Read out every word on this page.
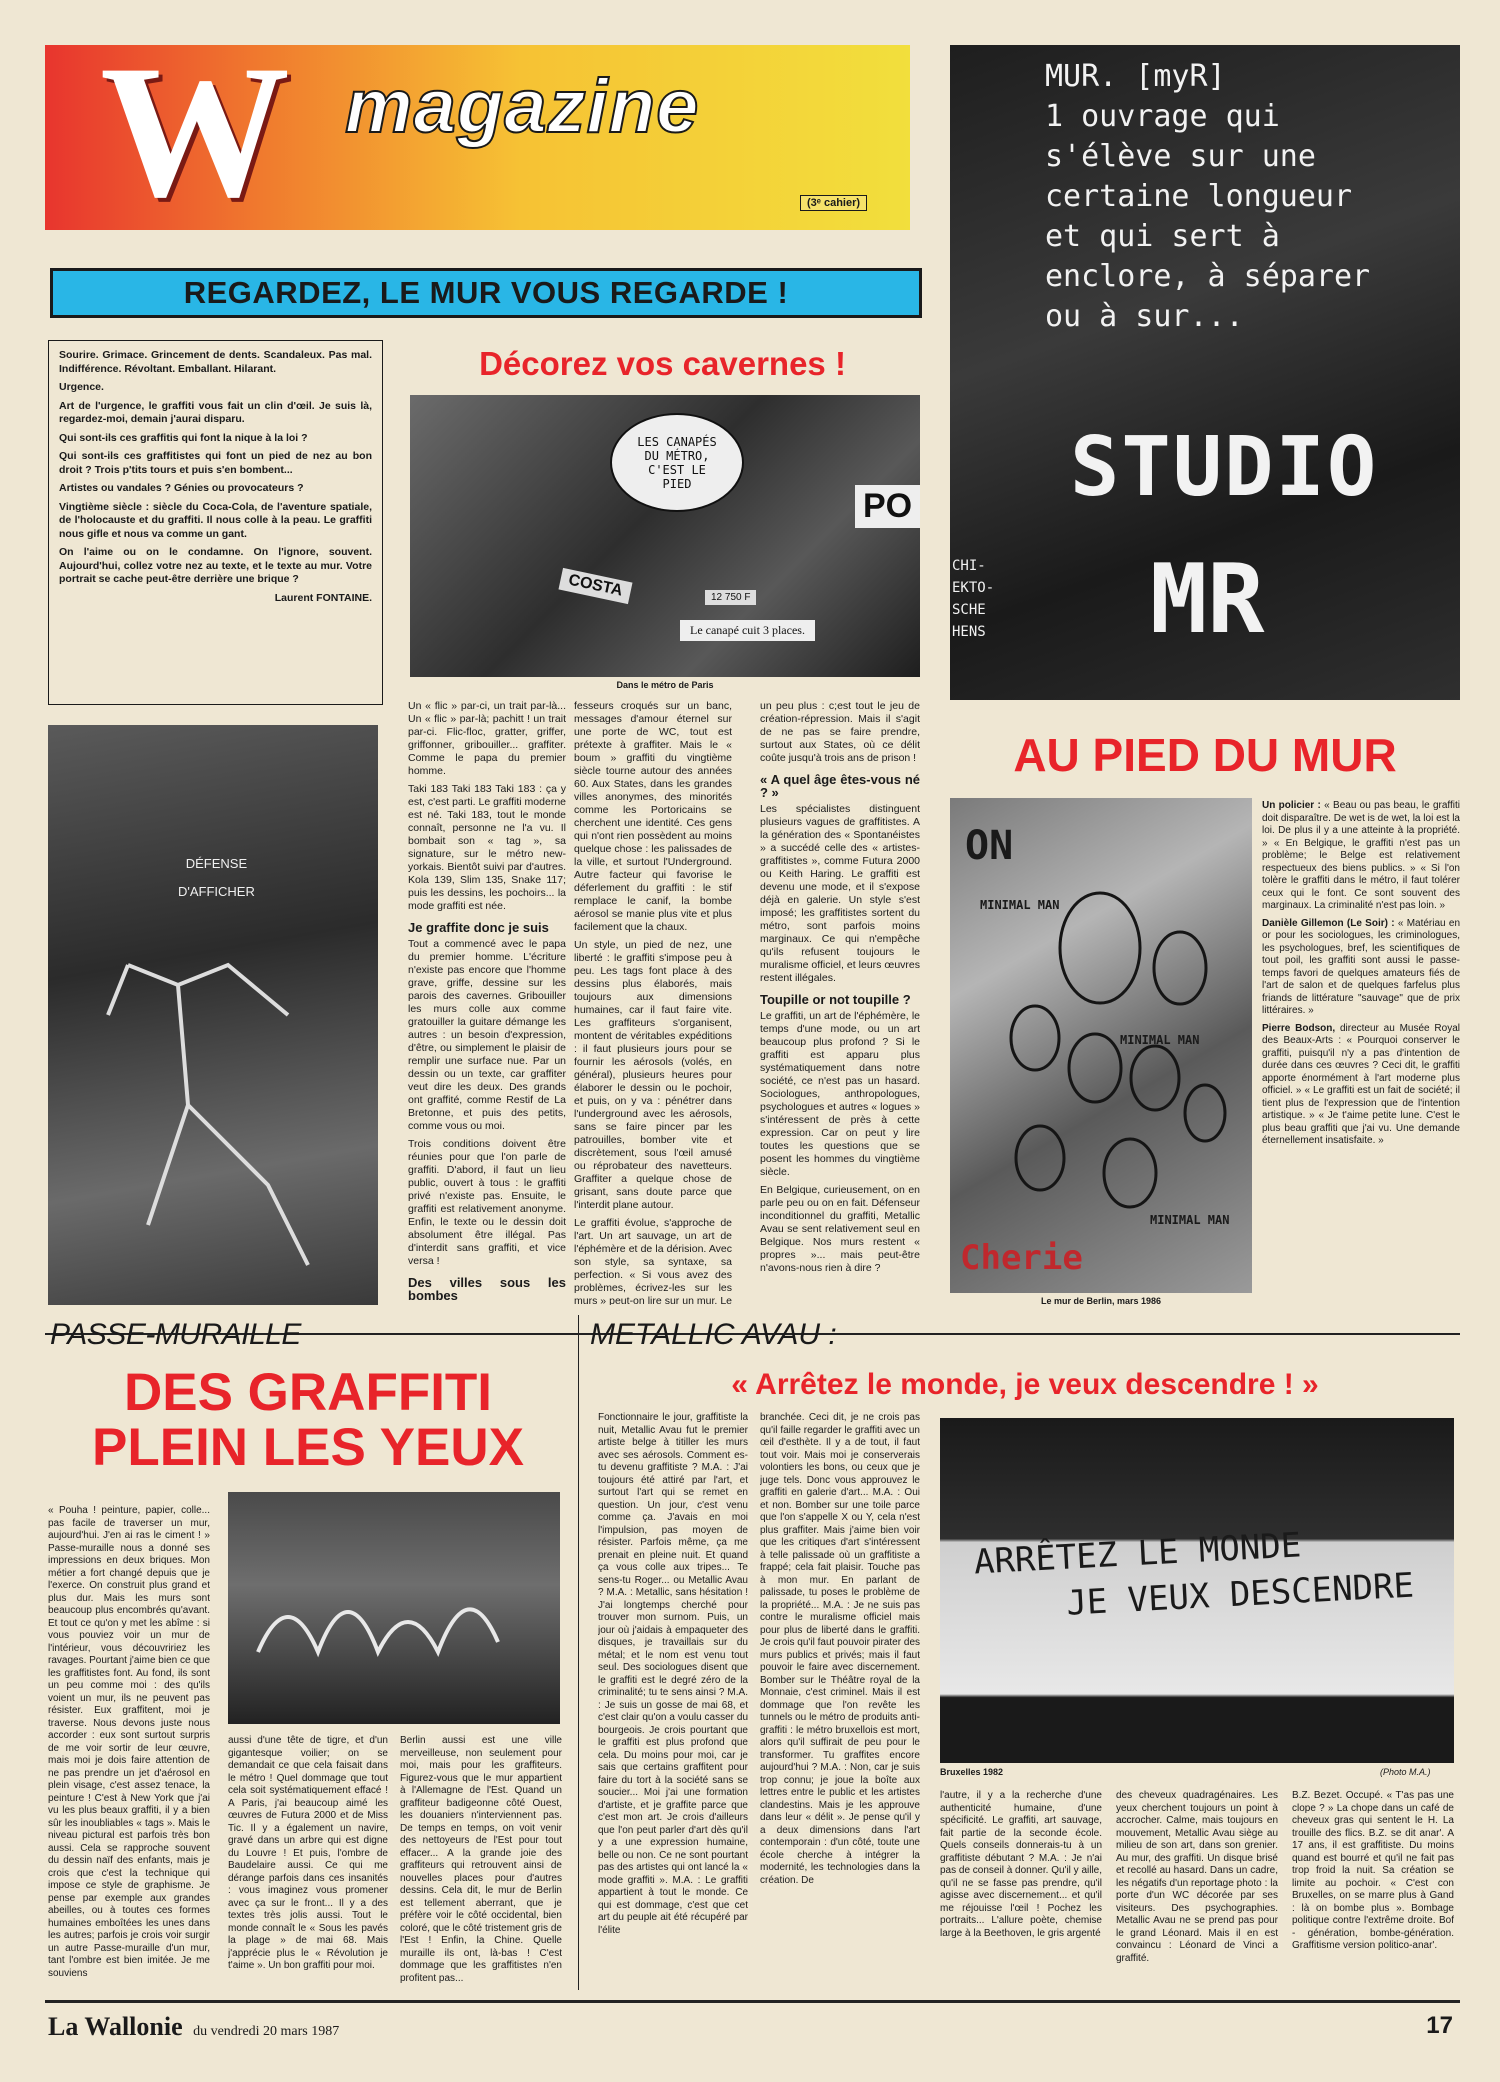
W magazine
(3ᵉ cahier)
REGARDEZ, LE MUR VOUS REGARDE !

Sourire. Grimace. Grincement de dents. Scandaleux. Pas mal. Indifférence. Révoltant. Emballant. Hilarant.

Urgence.

Art de l'urgence, le graffiti vous fait un clin d'œil. Je suis là, regardez-moi, demain j'aurai disparu.

Qui sont-ils ces graffitis qui font la nique à la loi ?

Qui sont-ils ces graffitistes qui font un pied de nez au bon droit ? Trois p'tits tours et puis s'en bombent...

Artistes ou vandales ? Génies ou provocateurs ?

Vingtième siècle : siècle du Coca-Cola, de l'aventure spatiale, de l'holocauste et du graffiti. Il nous colle à la peau. Le graffiti nous gifle et nous va comme un gant.

On l'aime ou on le condamne. On l'ignore, souvent. Aujourd'hui, collez votre nez au texte, et le texte au mur. Votre portrait se cache peut-être derrière une brique ?

Laurent FONTAINE.
Décorez vos cavernes !
LES CANAPÉS
DU MÉTRO,
C'EST LE
PIED
PO
COSTA	12 750 F
Le canapé cuit 3 places.
Dans le métro de Paris
MUR. [myR]
1 ouvrage qui
s'élève sur une
certaine longueur
et qui sert à
enclore, à séparer
ou à sur...
STUDIO
MR
CHI-
EKTO-
SCHE
HENS
DÉFENSE
D'AFFICHER

Un « flic » par-ci, un trait par-là... Un « flic » par-là; pachitt ! un trait par-ci. Flic-floc, gratter, griffer, griffonner, gribouiller... graffiter. Comme le papa du premier homme.

Taki 183 Taki 183 Taki 183 : ça y est, c'est parti. Le graffiti moderne est né. Taki 183, tout le monde connaît, personne ne l'a vu. Il bombait son « tag », sa signature, sur le métro new-yorkais. Bientôt suivi par d'autres. Kola 139, Slim 135, Snake 117; puis les dessins, les pochoirs... la mode graffiti est née.

Je graffite donc je suis

Tout a commencé avec le papa du premier homme. L'écriture n'existe pas encore que l'homme grave, griffe, dessine sur les parois des cavernes. Gribouiller les murs colle aux comme gratouiller la guitare démange les autres : un besoin d'expression, d'être, ou simplement le plaisir de remplir une surface nue. Par un dessin ou un texte, car graffiter veut dire les deux. Des grands ont graffité, comme Restif de La Bretonne, et puis des petits, comme vous ou moi.

Trois conditions doivent être réunies pour que l'on parle de graffiti. D'abord, il faut un lieu public, ouvert à tous : le graffiti privé n'existe pas. Ensuite, le graffiti est relativement anonyme. Enfin, le texte ou le dessin doit absolument être illégal. Pas d'interdit sans graffiti, et vice versa !

Des villes sous les bombes

fesseurs croqués sur un banc, messages d'amour éternel sur une porte de WC, tout est prétexte à graffiter. Mais le « boum » graffiti du vingtième siècle tourne autour des années 60. Aux States, dans les grandes villes anonymes, des minorités comme les Portoricains se cherchent une identité. Ces gens qui n'ont rien possèdent au moins quelque chose : les palissades de la ville, et surtout l'Underground. Autre facteur qui favorise le déferlement du graffiti : le stif remplace le canif, la bombe aérosol se manie plus vite et plus facilement que la chaux.

Un style, un pied de nez, une liberté : le graffiti s'impose peu à peu. Les tags font place à des dessins plus élaborés, mais toujours aux dimensions humaines, car il faut faire vite. Les graffiteurs s'organisent, montent de véritables expéditions : il faut plusieurs jours pour se fournir les aérosols (volés, en général), plusieurs heures pour élaborer le dessin ou le pochoir, et puis, on y va : pénétrer dans l'underground avec les aérosols, sans se faire pincer par les patrouilles, bomber vite et discrètement, sous l'œil amusé ou réprobateur des navetteurs. Graffiter a quelque chose de grisant, sans doute parce que l'interdit plane autour.

Le graffiti évolue, s'approche de l'art. Un art sauvage, un art de l'éphémère et de la dérision. Avec son style, sa syntaxe, sa perfection. « Si vous avez des problèmes, écrivez-les sur les murs » peut-on lire sur un mur. Le

un peu plus : c;est tout le jeu de création-répression. Mais il s'agit de ne pas se faire prendre, surtout aux States, où ce délit coûte jusqu'à trois ans de prison !

« A quel âge êtes-vous né ? »

Les spécialistes distinguent plusieurs vagues de graffitistes. A la génération des « Spontanéistes » a succédé celle des « artistes-graffitistes », comme Futura 2000 ou Keith Haring. Le graffiti est devenu une mode, et il s'expose déjà en galerie. Un style s'est imposé; les graffitistes sortent du métro, sont parfois moins marginaux. Ce qui n'empêche qu'ils refusent toujours le muralisme officiel, et leurs œuvres restent illégales.

Toupille or not toupille ?

Le graffiti, un art de l'éphémère, le temps d'une mode, ou un art beaucoup plus profond ? Si le graffiti est apparu plus systématiquement dans notre société, ce n'est pas un hasard. Sociologues, anthropologues, psychologues et autres « logues » s'intéressent de près à cette expression. Car on peut y lire toutes les questions que se posent les hommes du vingtième siècle.

En Belgique, curieusement, on en parle peu ou on en fait. Défenseur inconditionnel du graffiti, Metallic Avau se sent relativement seul en Belgique. Nos murs restent « propres »... mais peut-être n'avons-nous rien à dire ?

AU PIED DU MUR
ON
MINIMAL MAN
MINIMAL MAN
MINIMAL MAN
Cherie
Le mur de Berlin, mars 1986

Un policier : « Beau ou pas beau, le graffiti doit disparaître. De wet is de wet, la loi est la loi. De plus il y a une atteinte à la propriété. » « En Belgique, le graffiti n'est pas un problème; le Belge est relativement respectueux des biens publics. » « Si l'on tolère le graffiti dans le métro, il faut tolérer ceux qui le font. Ce sont souvent des marginaux. La criminalité n'est pas loin. »

Danièle Gillemon (Le Soir) : « Matériau en or pour les sociologues, les criminologues, les psychologues, bref, les scientifiques de tout poil, les graffiti sont aussi le passe-temps favori de quelques amateurs fiés de l'art de salon et de quelques farfelus plus friands de littérature "sauvage" que de prix littéraires. »

Pierre Bodson, directeur au Musée Royal des Beaux-Arts : « Pourquoi conserver le graffiti, puisqu'il n'y a pas d'intention de durée dans ces œuvres ? Ceci dit, le graffiti apporte énormément à l'art moderne plus officiel. » « Le graffiti est un fait de société; il tient plus de l'expression que de l'intention artistique. » « Je t'aime petite lune. C'est le plus beau graffiti que j'ai vu. Une demande éternellement insatisfaite. »

PASSE-MURAILLE
DES GRAFFITI
PLEIN LES YEUX
« Pouha ! peinture, papier, colle... pas facile de traverser un mur, aujourd'hui. J'en ai ras le ciment ! » Passe-muraille nous a donné ses impressions en deux briques. Mon métier a fort changé depuis que je l'exerce. On construit plus grand et plus dur. Mais les murs sont beaucoup plus encombrés qu'avant. Et tout ce qu'on y met les abîme : si vous pouviez voir un mur de l'intérieur, vous découvririez les ravages. Pourtant j'aime bien ce que les graffitistes font. Au fond, ils sont un peu comme moi : des qu'ils voient un mur, ils ne peuvent pas résister. Eux graffitent, moi je traverse. Nous devons juste nous accorder : eux sont surtout surpris de me voir sortir de leur œuvre, mais moi je dois faire attention de ne pas prendre un jet d'aérosol en plein visage, c'est assez tenace, la peinture ! C'est à New York que j'ai vu les plus beaux graffiti, il y a bien sûr les inoubliables « tags ». Mais le niveau pictural est parfois très bon aussi. Cela se rapproche souvent du dessin naïf des enfants, mais je crois que c'est la technique qui impose ce style de graphisme. Je pense par exemple aux grandes abeilles, ou à toutes ces formes humaines emboîtées les unes dans les autres; parfois je crois voir surgir un autre Passe-muraille d'un mur, tant l'ombre est bien imitée. Je me souviens
aussi d'une tête de tigre, et d'un gigantesque voilier; on se demandait ce que cela faisait dans le métro ! Quel dommage que tout cela soit systématiquement effacé ! A Paris, j'ai beaucoup aimé les œuvres de Futura 2000 et de Miss Tic. Il y a également un navire, gravé dans un arbre qui est digne du Louvre ! Et puis, l'ombre de Baudelaire aussi. Ce qui me dérange parfois dans ces insanités : vous imaginez vous promener avec ça sur le front... Il y a des textes très jolis aussi. Tout le monde connaît le « Sous les pavés la plage » de mai 68. Mais j'apprécie plus le « Révolution je t'aime ». Un bon graffiti pour moi.
Berlin aussi est une ville merveilleuse, non seulement pour moi, mais pour les graffiteurs. Figurez-vous que le mur appartient à l'Allemagne de l'Est. Quand un graffiteur badigeonne côté Ouest, les douaniers n'interviennent pas. De temps en temps, on voit venir des nettoyeurs de l'Est pour tout effacer... A la grande joie des graffiteurs qui retrouvent ainsi de nouvelles places pour d'autres dessins. Cela dit, le mur de Berlin est tellement aberrant, que je préfère voir le côté occidental, bien coloré, que le côté tristement gris de l'Est ! Enfin, la Chine. Quelle muraille ils ont, là-bas ! C'est dommage que les graffitistes n'en profitent pas...
METALLIC AVAU :
« Arrêtez le monde, je veux descendre ! »
Fonctionnaire le jour, graffitiste la nuit, Metallic Avau fut le premier artiste belge à titiller les murs avec ses aérosols. Comment es-tu devenu graffitiste ? M.A. : J'ai toujours été attiré par l'art, et surtout l'art qui se remet en question. Un jour, c'est venu comme ça. J'avais en moi l'impulsion, pas moyen de résister. Parfois même, ça me prenait en pleine nuit. Et quand ça vous colle aux tripes... Te sens-tu Roger... ou Metallic Avau ? M.A. : Metallic, sans hésitation ! J'ai longtemps cherché pour trouver mon surnom. Puis, un jour où j'aidais à empaqueter des disques, je travaillais sur du métal; et le nom est venu tout seul. Des sociologues disent que le graffiti est le degré zéro de la criminalité; tu te sens ainsi ? M.A. : Je suis un gosse de mai 68, et c'est clair qu'on a voulu casser du bourgeois. Je crois pourtant que le graffiti est plus profond que cela. Du moins pour moi, car je sais que certains graffitent pour faire du tort à la société sans se soucier... Moi j'ai une formation d'artiste, et je graffite parce que c'est mon art. Je crois d'ailleurs que l'on peut parler d'art dès qu'il y a une expression humaine, belle ou non. Ce ne sont pourtant pas des artistes qui ont lancé la « mode graffiti ». M.A. : Le graffiti appartient à tout le monde. Ce qui est dommage, c'est que cet art du peuple ait été récupéré par l'élite
branchée. Ceci dit, je ne crois pas qu'il faille regarder le graffiti avec un œil d'esthète. Il y a de tout, il faut tout voir. Mais moi je conserverais volontiers les bons, ou ceux que je juge tels. Donc vous approuvez le graffiti en galerie d'art... M.A. : Oui et non. Bomber sur une toile parce que l'on s'appelle X ou Y, cela n'est plus graffiter. Mais j'aime bien voir que les critiques d'art s'intéressent à telle palissade où un graffitiste a frappé; cela fait plaisir. Touche pas à mon mur. En parlant de palissade, tu poses le problème de la propriété... M.A. : Je ne suis pas contre le muralisme officiel mais pour plus de liberté dans le graffiti. Je crois qu'il faut pouvoir pirater des murs publics et privés; mais il faut pouvoir le faire avec discernement. Bomber sur le Théâtre royal de la Monnaie, c'est criminel. Mais il est dommage que l'on revête les tunnels ou le métro de produits anti-graffiti : le métro bruxellois est mort, alors qu'il suffirait de peu pour le transformer. Tu graffites encore aujourd'hui ? M.A. : Non, car je suis trop connu; je joue la boîte aux lettres entre le public et les artistes clandestins. Mais je les approuve dans leur « délit ». Je pense qu'il y a deux dimensions dans l'art contemporain : d'un côté, toute une école cherche à intégrer la modernité, les technologies dans la création. De
ARRÊTEZ LE MONDE
JE VEUX DESCENDRE
Bruxelles 1982	(Photo M.A.)
l'autre, il y a la recherche d'une authenticité humaine, d'une spécificité. Le graffiti, art sauvage, fait partie de la seconde école. Quels conseils donnerais-tu à un graffitiste débutant ? M.A. : Je n'ai pas de conseil à donner. Qu'il y aille, qu'il ne se fasse pas prendre, qu'il agisse avec discernement... et qu'il me réjouisse l'œil ! Pochez les portraits... L'allure poète, chemise large à la Beethoven, le gris argenté
des cheveux quadragénaires. Les yeux cherchent toujours un point à accrocher. Calme, mais toujours en mouvement, Metallic Avau siège au milieu de son art, dans son grenier. Au mur, des graffiti. Un disque brisé et recollé au hasard. Dans un cadre, les négatifs d'un reportage photo : la porte d'un WC décorée par ses visiteurs. Des psychographies. Metallic Avau ne se prend pas pour le grand Léonard. Mais il en est convaincu : Léonard de Vinci a graffité.
B.Z. Bezet. Occupé. « T'as pas une clope ? » La chope dans un café de cheveux gras qui sentent le H. La trouille des flics. B.Z. se dit anar'. A 17 ans, il est graffitiste. Du moins quand est bourré et qu'il ne fait pas trop froid la nuit. Sa création se limite au pochoir. « C'est con Bruxelles, on se marre plus à Gand : là on bombe plus ». Bombage politique contre l'extrême droite. Bof - génération, bombe-génération. Graffitisme version politico-anar'.
La Wallonie du vendredi 20 mars 1987	17
